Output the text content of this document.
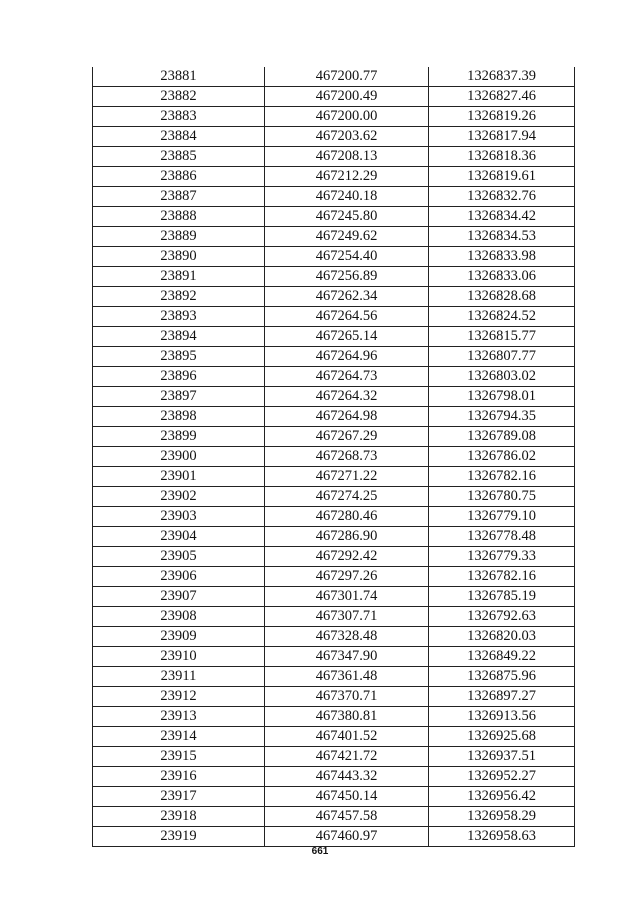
23881	467200.77	1326837.39
23882	467200.49	1326827.46
23883	467200.00	1326819.26
23884	467203.62	1326817.94
23885	467208.13	1326818.36
23886	467212.29	1326819.61
23887	467240.18	1326832.76
23888	467245.80	1326834.42
23889	467249.62	1326834.53
23890	467254.40	1326833.98
23891	467256.89	1326833.06
23892	467262.34	1326828.68
23893	467264.56	1326824.52
23894	467265.14	1326815.77
23895	467264.96	1326807.77
23896	467264.73	1326803.02
23897	467264.32	1326798.01
23898	467264.98	1326794.35
23899	467267.29	1326789.08
23900	467268.73	1326786.02
23901	467271.22	1326782.16
23902	467274.25	1326780.75
23903	467280.46	1326779.10
23904	467286.90	1326778.48
23905	467292.42	1326779.33
23906	467297.26	1326782.16
23907	467301.74	1326785.19
23908	467307.71	1326792.63
23909	467328.48	1326820.03
23910	467347.90	1326849.22
23911	467361.48	1326875.96
23912	467370.71	1326897.27
23913	467380.81	1326913.56
23914	467401.52	1326925.68
23915	467421.72	1326937.51
23916	467443.32	1326952.27
23917	467450.14	1326956.42
23918	467457.58	1326958.29
23919	467460.97	1326958.63
661
